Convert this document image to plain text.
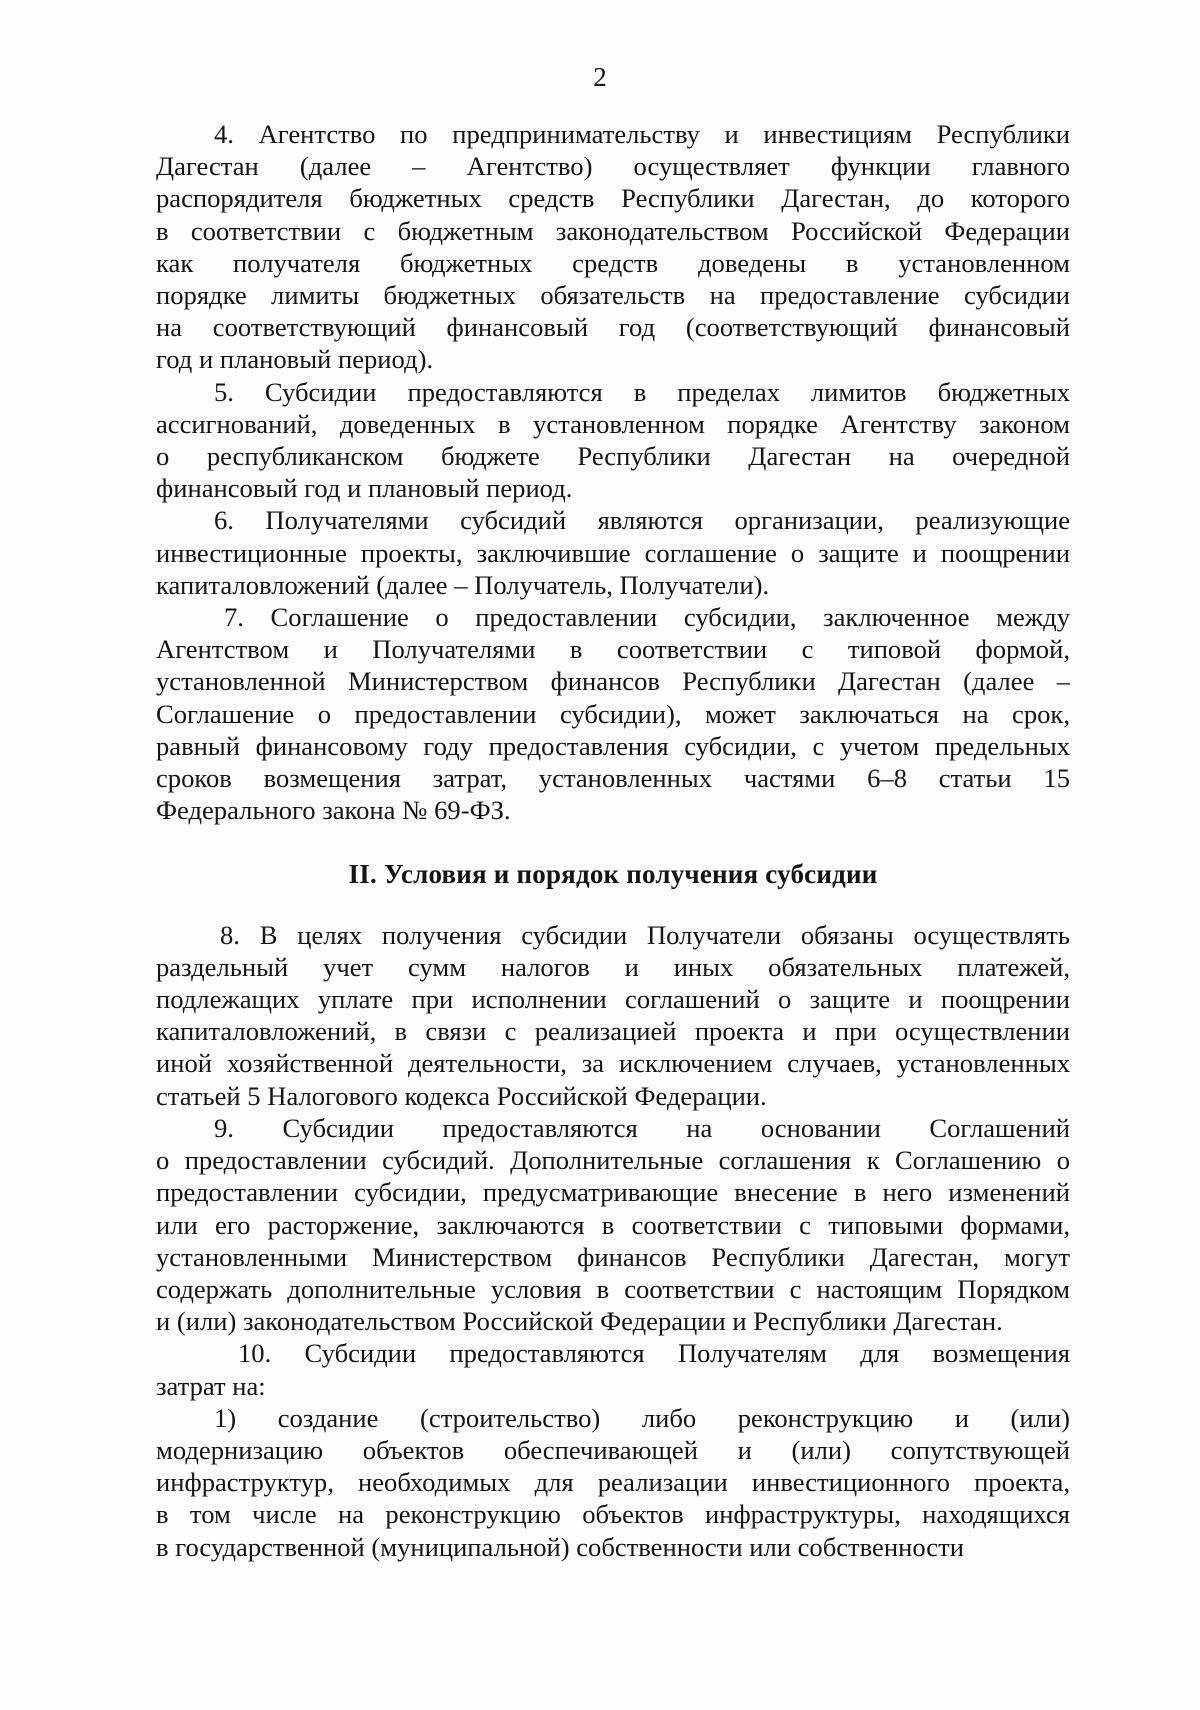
2
4. Агентство по предпринимательству и инвестициям Республики
Дагестан (далее – Агентство) осуществляет функции главного
распорядителя бюджетных средств Республики Дагестан, до которого
в соответствии с бюджетным законодательством Российской Федерации
как получателя бюджетных средств доведены в установленном
порядке лимиты бюджетных обязательств на предоставление субсидии
на соответствующий финансовый год (соответствующий финансовый
год и плановый период).
5. Субсидии предоставляются в пределах лимитов бюджетных
ассигнований, доведенных в установленном порядке Агентству законом
о республиканском бюджете Республики Дагестан на очередной
финансовый год и плановый период.
6. Получателями субсидий являются организации, реализующие
инвестиционные проекты, заключившие соглашение о защите и поощрении
капиталовложений (далее – Получатель, Получатели).
7. Соглашение о предоставлении субсидии, заключенное между
Агентством и Получателями в соответствии с типовой формой,
установленной Министерством финансов Республики Дагестан (далее –
Соглашение о предоставлении субсидии), может заключаться на срок,
равный финансовому году предоставления субсидии, с учетом предельных
сроков возмещения затрат, установленных частями 6–8 статьи 15
Федерального закона № 69-ФЗ.
II. Условия и порядок получения субсидии
8. В целях получения субсидии Получатели обязаны осуществлять
раздельный учет сумм налогов и иных обязательных платежей,
подлежащих уплате при исполнении соглашений о защите и поощрении
капиталовложений, в связи с реализацией проекта и при осуществлении
иной хозяйственной деятельности, за исключением случаев, установленных
статьей 5 Налогового кодекса Российской Федерации.
9. Субсидии предоставляются на основании Соглашений
о предоставлении субсидий. Дополнительные соглашения к Соглашению о
предоставлении субсидии, предусматривающие внесение в него изменений
или его расторжение, заключаются в соответствии с типовыми формами,
установленными Министерством финансов Республики Дагестан, могут
содержать дополнительные условия в соответствии с настоящим Порядком
и (или) законодательством Российской Федерации и Республики Дагестан.
10. Субсидии предоставляются Получателям для возмещения
затрат на:
1) создание (строительство) либо реконструкцию и (или)
модернизацию объектов обеспечивающей и (или) сопутствующей
инфраструктур, необходимых для реализации инвестиционного проекта,
в том числе на реконструкцию объектов инфраструктуры, находящихся
в государственной (муниципальной) собственности или собственности
